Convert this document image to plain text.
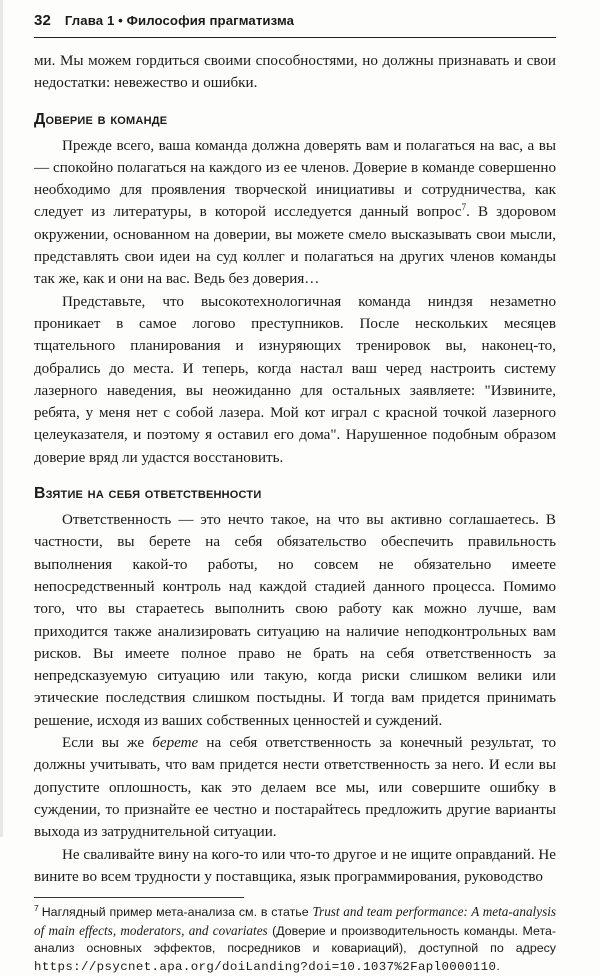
32 Глава 1 • Философия прагматизма

ми. Мы можем гордиться своими способностями, но должны признавать и свои недостатки: невежество и ошибки.

Доверие в команде

Прежде всего, ваша команда должна доверять вам и полагаться на вас, а вы — спокойно полагаться на каждого из ее членов. Доверие в команде совершенно необходимо для проявления творческой инициативы и сотрудничества, как следует из литературы, в которой исследуется данный вопрос$^7$. В здоровом окружении, основанном на доверии, вы можете смело высказывать свои мысли, представлять свои идеи на суд коллег и полагаться на других членов команды так же, как и они на вас. Ведь без доверия…

Представьте, что высокотехнологичная команда ниндзя незаметно проникает в самое логово преступников. После нескольких месяцев тщательного планирования и изнуряющих тренировок вы, наконец-то, добрались до места. И теперь, когда настал ваш черед настроить систему лазерного наведения, вы неожиданно для остальных заявляете: "Извините, ребята, у меня нет с собой лазера. Мой кот играл с красной точкой лазерного целеуказателя, и поэтому я оставил его дома". Нарушенное подобным образом доверие вряд ли удастся восстановить.

Взятие на себя ответственности

Ответственность — это нечто такое, на что вы активно соглашаетесь. В частности, вы берете на себя обязательство обеспечить правильность выполнения какой-то работы, но совсем не обязательно имеете непосредственный контроль над каждой стадией данного процесса. Помимо того, что вы стараетесь выполнить свою работу как можно лучше, вам приходится также анализировать ситуацию на наличие неподконтрольных вам рисков. Вы имеете полное право не брать на себя ответственность за непредсказуемую ситуацию или такую, когда риски слишком велики или этические последствия слишком постыдны. И тогда вам придется принимать решение, исходя из ваших собственных ценностей и суждений.

Если вы же берете на себя ответственность за конечный результат, то должны учитывать, что вам придется нести ответственность за него. И если вы допустите оплошность, как это делаем все мы, или совершите ошибку в суждении, то признайте ее честно и постарайтесь предложить другие варианты выхода из затруднительной ситуации.

Не сваливайте вину на кого-то или что-то другое и не ищите оправданий. Не вините во всем трудности у поставщика, язык программирования, руководство

$^7$ Наглядный пример мета-анализа см. в статье Trust and team performance: A meta-analysis of main effects, moderators, and covariates (Доверие и производительность команды. Мета-анализ основных эффектов, посредников и ковариаций), доступной по адресу https://psycnet.apa.org/doiLanding?doi=10.1037%2Fapl0000110.
